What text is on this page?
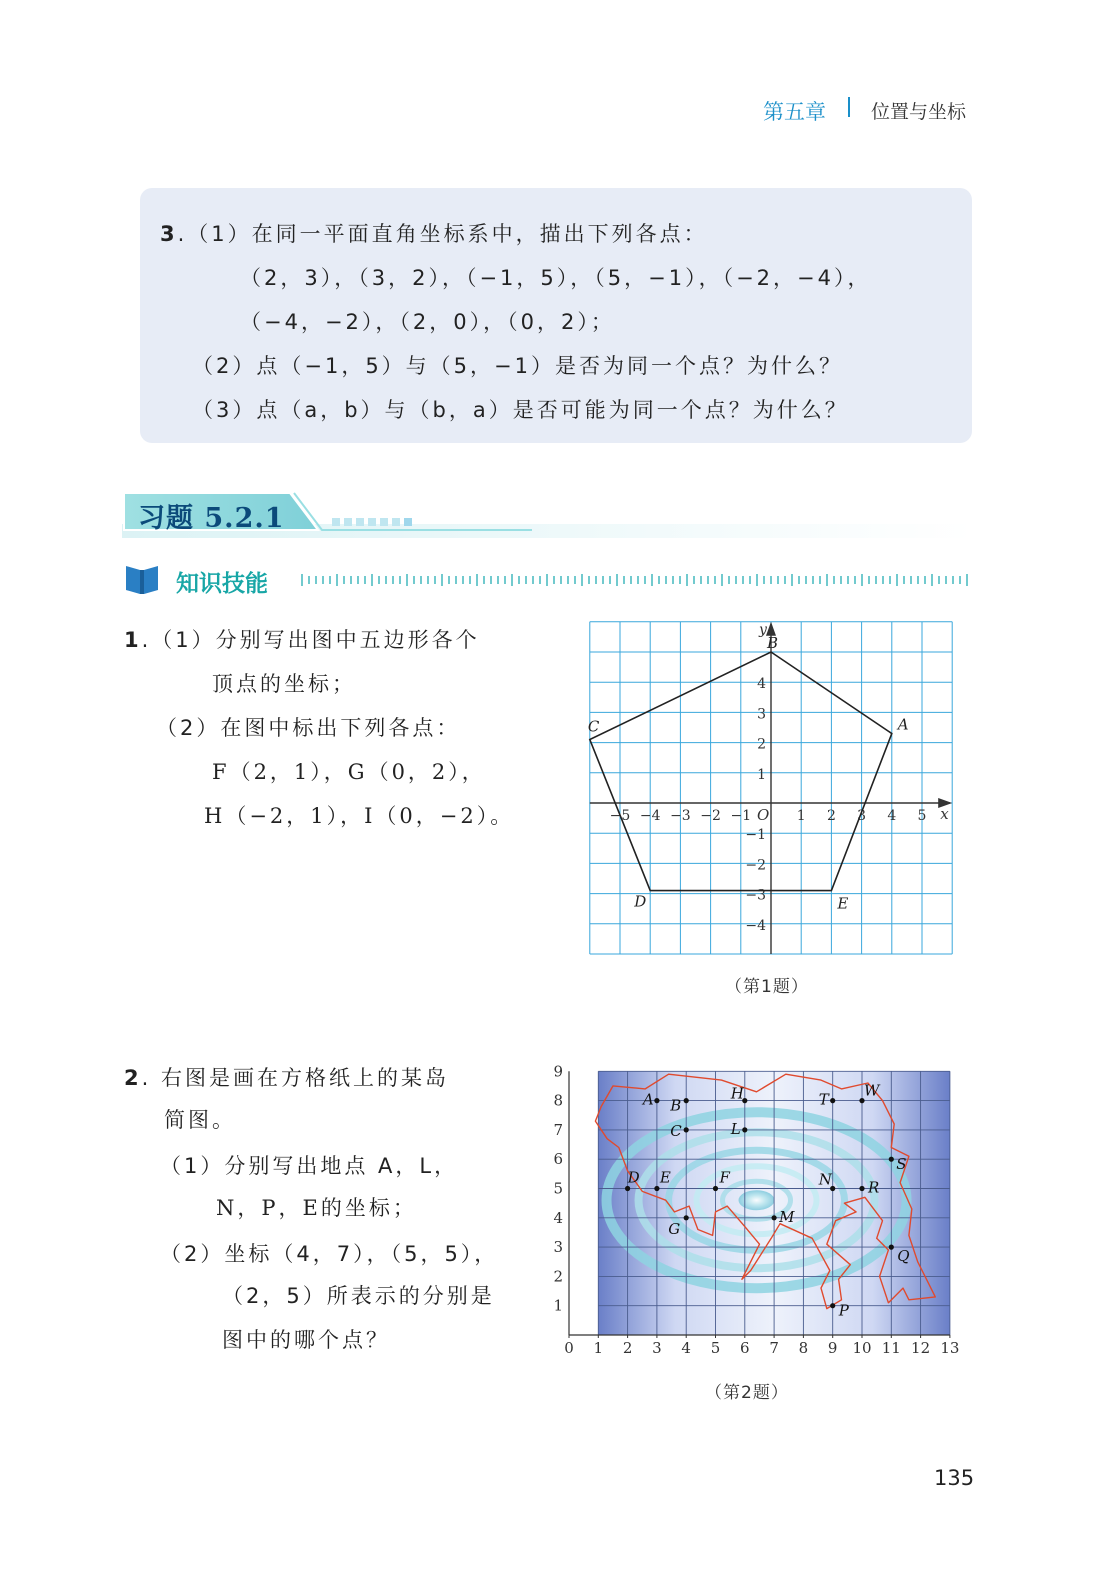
第五章 位置与坐标
3.（1）在同一平面直角坐标系中，描出下列各点：
（2，3），（3，2），（−1，5），（5，−1），（−2，−4），
（−4，−2），（2，0），（0，2）；
（2）点（−1，5）与（5，−1）是否为同一个点？为什么？
（3）点（a，b）与（b，a）是否可能为同一个点？为什么？
习题 5.2.1
知识技能
1.（1）分别写出图中五边形各个
顶点的坐标；
（2）在图中标出下列各点：
F（2，1），G（0，2），
H（−2，1），I（0，−2）。	x
y
O
−5 −4 −3 −2 −1	1 2 3 4 5
−4
−3
−2
−1
1
2
3
4
A
B
C
D	E
（第1题）
2. 右图是画在方格纸上的某岛
简图。
（1）分别写出地点 A，L，
N，P，E的坐标；
（2）坐标（4，7），（5，5），
（2，5）所表示的分别是
图中的哪个点？	0 1 2 3 4 5 6 7 8 9 10 11 12 13
1
2
3
4
5
6
7
8
9
A B
H	T W
C	L
S
D E	F	N R
G
M
Q
P
（第2题）
135
